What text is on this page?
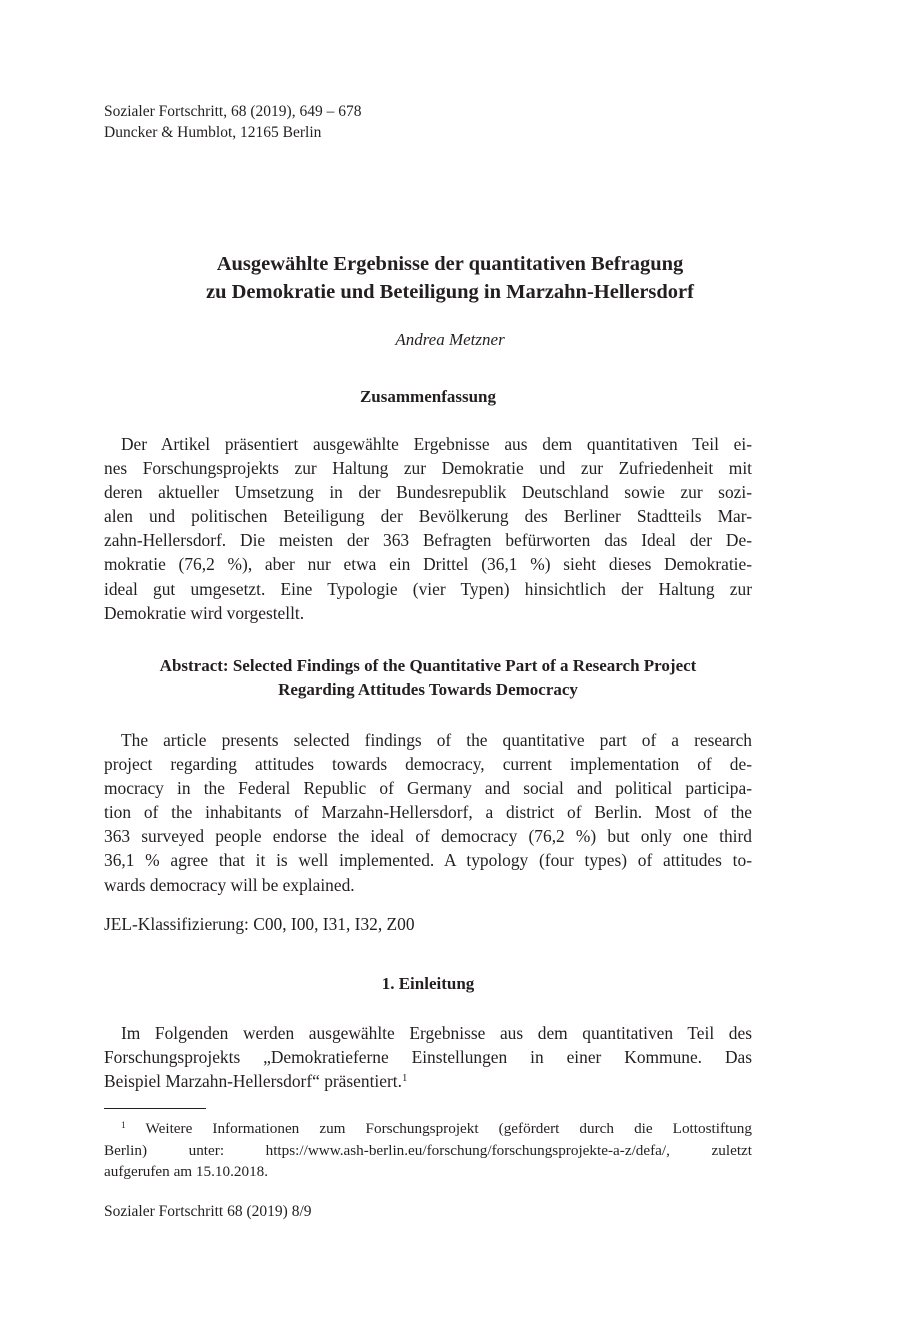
Sozialer Fortschritt, 68 (2019), 649 – 678
Duncker & Humblot, 12165 Berlin
Ausgewählte Ergebnisse der quantitativen Befragung
zu Demokratie und Beteiligung in Marzahn-Hellersdorf
Andrea Metzner
Zusammenfassung
Der Artikel präsentiert ausgewählte Ergebnisse aus dem quantitativen Teil ei-
nes Forschungsprojekts zur Haltung zur Demokratie und zur Zufriedenheit mit
deren aktueller Umsetzung in der Bundesrepublik Deutschland sowie zur sozi-
alen und politischen Beteiligung der Bevölkerung des Berliner Stadtteils Mar-
zahn-Hellersdorf. Die meisten der 363 Befragten befürworten das Ideal der De-
mokratie (76,2 %), aber nur etwa ein Drittel (36,1 %) sieht dieses Demokratie-
ideal gut umgesetzt. Eine Typologie (vier Typen) hinsichtlich der Haltung zur
Demokratie wird vorgestellt.
Abstract: Selected Findings of the Quantitative Part of a Research Project
Regarding Attitudes Towards Democracy
The article presents selected findings of the quantitative part of a research
project regarding attitudes towards democracy, current implementation of de-
mocracy in the Federal Republic of Germany and social and political participa-
tion of the inhabitants of Marzahn-Hellersdorf, a district of Berlin. Most of the
363 surveyed people endorse the ideal of democracy (76,2 %) but only one third
36,1 % agree that it is well implemented. A typology (four types) of attitudes to-
wards democracy will be explained.
JEL-Klassifizierung: C00, I00, I31, I32, Z00
1. Einleitung
Im Folgenden werden ausgewählte Ergebnisse aus dem quantitativen Teil des
Forschungsprojekts „Demokratieferne Einstellungen in einer Kommune. Das
Beispiel Marzahn-Hellersdorf“ präsentiert.$^1$
$^1$ Weitere Informationen zum Forschungsprojekt (gefördert durch die Lottostiftung
Berlin) unter: https://www.ash-berlin.eu/forschung/forschungsprojekte-a-z/defa/, zuletzt
aufgerufen am 15.10.2018.
Sozialer Fortschritt 68 (2019) 8/9
